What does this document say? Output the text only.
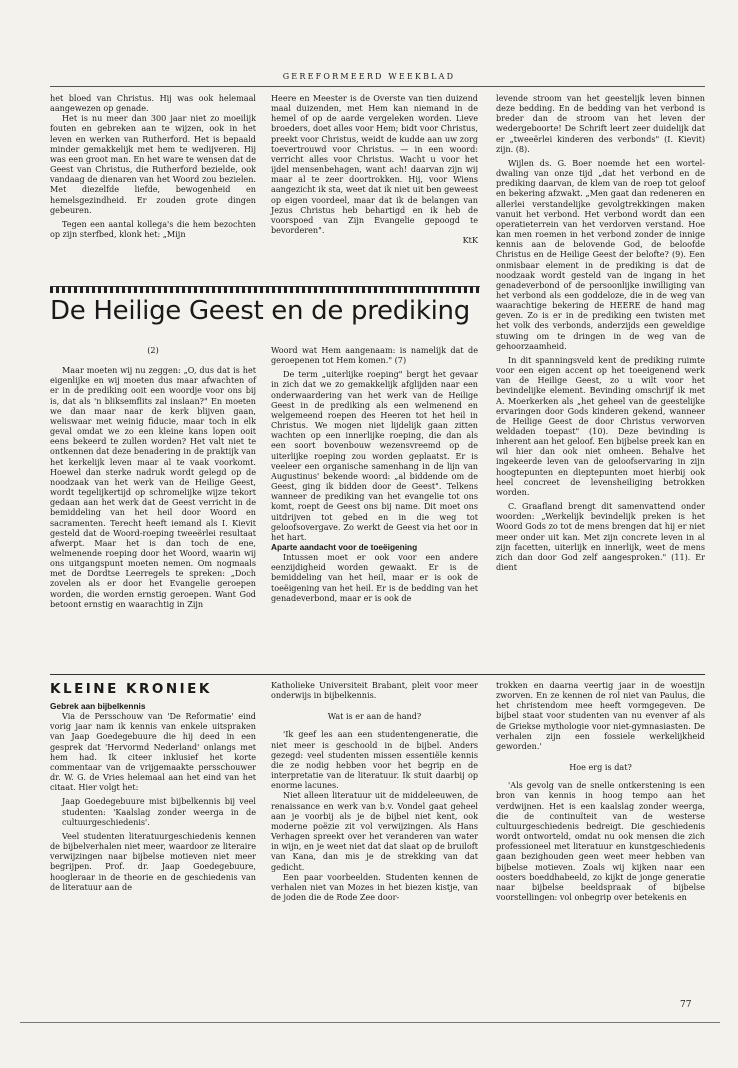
GEREFORMEERD WEEKBLAD

het bloed van Christus. Hij was ook helemaal aangewezen op genade.

Het is nu meer dan 300 jaar niet zo moeilijk fouten en gebreken aan te wijzen, ook in het leven en werken van Rutherford. Het is bepaald minder gemakkelijk met hem te wedijveren. Hij was een groot man. En het ware te wensen dat de Geest van Christus, die Rutherford bezielde, ook vandaag de dienaren van het Woord zou bezielen. Met diezelfde liefde, bewogenheid en hemelsgezindheid. Er zouden grote dingen gebeuren.

Tegen een aantal kollega's die hem bezochten op zijn sterfbed, klonk het: „Mijn

Heere en Meester is de Overste van tien duizend maal duizenden, met Hem kan niemand in de hemel of op de aarde vergeleken worden. Lieve broeders, doet alles voor Hem; bidt voor Christus, preekt voor Christus, weidt de kudde aan uw zorg toevertrouwd voor Christus. — in een woord: verricht alles voor Christus. Wacht u voor het ijdel mensenbehagen, want ach! daarvan zijn wij maar al te zeer doortrokken. Hij, voor Wiens aangezicht ik sta, weet dat ik niet uit ben geweest op eigen voordeel, maar dat ik de belangen van Jezus Christus heb behartigd en ik heb de voorspoed van Zijn Evangelie gepoogd te bevorderen".

KtK

De Heilige Geest en de prediking

(2)

Maar moeten wij nu zeggen: „O, dus dat is het eigenlijke en wij moeten dus maar afwachten of er in de prediking ooit een woordje voor ons bij is, dat als 'n bliksemflits zal inslaan?" En moeten we dan maar naar de kerk blijven gaan, weliswaar met weinig fiducie, maar toch in elk geval omdat we zo een kleine kans lopen ooit eens bekeerd te zullen worden? Het valt niet te ontkennen dat deze benadering in de praktijk van het kerkelijk leven maar al te vaak voorkomt. Hoewel dan sterke nadruk wordt gelegd op de noodzaak van het werk van de Heilige Geest, wordt tegelijkertijd op schromelijke wijze tekort gedaan aan het werk dat de Geest verricht in de bemiddeling van het heil door Woord en sacramenten. Terecht heeft iemand als I. Kievit gesteld dat de Woord-roeping tweeërlei resultaat afwerpt. Maar het is dan toch de ene, welmenende roeping door het Woord, waarin wij ons uitgangspunt moeten nemen. Om nogmaals met de Dordtse Leerregels te spreken: „Doch zovelen als er door het Evangelie geroepen worden, die worden ernstig geroepen. Want God betoont ernstig en waarachtig in Zijn

Woord wat Hem aangenaam: is namelijk dat de geroepenen tot Hem komen." (7)

De term „uiterlijke roeping" bergt het gevaar in zich dat we zo gemakkelijk afglijden naar een onderwaardering van het werk van de Heilige Geest in de prediking als een welmenend en welgemeend roepen des Heeren tot het heil in Christus. We mogen niet lijdelijk gaan zitten wachten op een innerlijke roeping, die dan als een soort bovenbouw wezensvreemd op de uiterlijke roeping zou worden geplaatst. Er is veeleer een organische samenhang in de lijn van Augustinus' bekende woord: „al biddende om de Geest, ging ik bidden door de Geest". Telkens wanneer de prediking van het evangelie tot ons komt, roept de Geest ons bij name. Dit moet ons uitdrijven tot gebed en in die weg tot geloofsovergave. Zo werkt de Geest via het oor in het hart.

Aparte aandacht voor de toeëigening

Intussen moet er ook voor een andere eenzijdigheid worden gewaakt. Er is de bemiddeling van het heil, maar er is ook de toeëigening van het heil. Er is de bedding van het genadeverbond, maar er is ook de

levende stroom van het geestelijk leven binnen deze bedding. En de bedding van het verbond is breder dan de stroom van het leven der wedergeboorte! De Schrift leert zeer duidelijk dat er „tweeërlei kinderen des verbonds" (I. Kievit) zijn. (8).

Wijlen ds. G. Boer noemde het een wortel-dwaling van onze tijd „dat het verbond en de prediking daarvan, de klem van de roep tot geloof en bekering afzwakt. „Men gaat dan redeneren en allerlei verstandelijke gevolgtrekkingen maken vanuit het verbond. Het verbond wordt dan een operatieterrein van het verdorven verstand. Hoe kan men roemen in het verbond zonder de innige kennis aan de belovende God, de beloofde Christus en de Heilige Geest der belofte? (9). Een onmisbaar element in de prediking is dat de noodzaak wordt gesteld van de ingang in het genadeverbond of de persoonlijke inwilliging van het verbond als een goddeloze, die in de weg van waarachtige bekering de HEERE de hand mag geven. Zo is er in de prediking een twisten met het volk des verbonds, anderzijds een geweldige stuwing om te dringen in de weg van de gehoorzaamheid.

In dit spanningsveld kent de prediking ruimte voor een eigen accent op het toeeigenend werk van de Heilige Geest, zo u wilt voor het bevindelijke element. Bevinding omschrijf ik met A. Moerkerken als „het geheel van de geestelijke ervaringen door Gods kinderen gekend, wanneer de Heilige Geest de door Christus verworven weldaden toepast" (10). Deze bevinding is inherent aan het geloof. Een bijbelse preek kan en wil hier dan ook niet omheen. Behalve het ingekeerde leven van de geloofservaring in zijn hoogtepunten en dieptepunten moet hierbij ook heel concreet de levensheiliging betrokken worden.

C. Graafland brengt dit samenvattend onder woorden: „Werkelijk bevindelijk preken is het Woord Gods zo tot de mens brengen dat hij er niet meer onder uit kan. Met zijn concrete leven in al zijn facetten, uiterlijk en innerlijk, weet de mens zich dan door God zelf aangesproken." (11). Er dient

KLEINE KRONIEK

Gebrek aan bijbelkennis

Via de Persschouw van 'De Reformatie' eind vorig jaar nam ik kennis van enkele uitspraken van Jaap Goedegebuure die hij deed in een gesprek dat 'Hervormd Nederland' onlangs met hem had. Ik citeer inklusief het korte commentaar van de vrijgemaakte persschouwer dr. W. G. de Vries helemaal aan het eind van het citaat. Hier volgt het:

Jaap Goedegebuure mist bijbelkennis bij veel studenten: 'Kaalslag zonder weerga in de cultuurgeschiedenis'.

Veel studenten literatuurgeschiedenis kennen de bijbelverhalen niet meer, waardoor ze literaire verwijzingen naar bijbelse motieven niet meer begrijpen. Prof. dr. Jaap Goedegebuure, hoogleraar in de theorie en de geschiedenis van de literatuur aan de

Katholieke Universiteit Brabant, pleit voor meer onderwijs in bijbelkennis.

Wat is er aan de hand?

'Ik geef les aan een studentengeneratie, die niet meer is geschoold in de bijbel. Anders gezegd: veel studenten missen essentiële kennis die ze nodig hebben voor het begrip en de interpretatie van de literatuur. Ik stuit daarbij op enorme lacunes.

Niet alleen literatuur uit de middeleeuwen, de renaissance en werk van b.v. Vondel gaat geheel aan je voorbij als je de bijbel niet kent, ook moderne poëzie zit vol verwijzingen. Als Hans Verhagen spreekt over het veranderen van water in wijn, en je weet niet dat dat slaat op de bruiloft van Kana, dan mis je de strekking van dat gedicht.

Een paar voorbeelden. Studenten kennen de verhalen niet van Mozes in het biezen kistje, van de joden die de Rode Zee door-

trokken en daarna veertig jaar in de woestijn zworven. En ze kennen de rol niet van Paulus, die het christendom mee heeft vormgegeven. De bijbel staat voor studenten van nu evenver af als de Griekse mythologie voor niet-gymnasiasten. De verhalen zijn een fossiele werkelijkheid geworden.'

Hoe erg is dat?

'Als gevolg van de snelle ontkerstening is een bron van kennis in hoog tempo aan het verdwijnen. Het is een kaalslag zonder weerga, die de continuïteit van de westerse cultuurgeschiedenis bedreigt. Die geschiedenis wordt ontworteld, omdat nu ook mensen die zich professioneel met literatuur en kunstgeschiedenis gaan bezighouden geen weet meer hebben van bijbelse motieven. Zoals wij kijken naar een oosters boeddhabeeld, zo kijkt de jonge generatie naar bijbelse beeldspraak of bijbelse voorstellingen: vol onbegrip over betekenis en

77
